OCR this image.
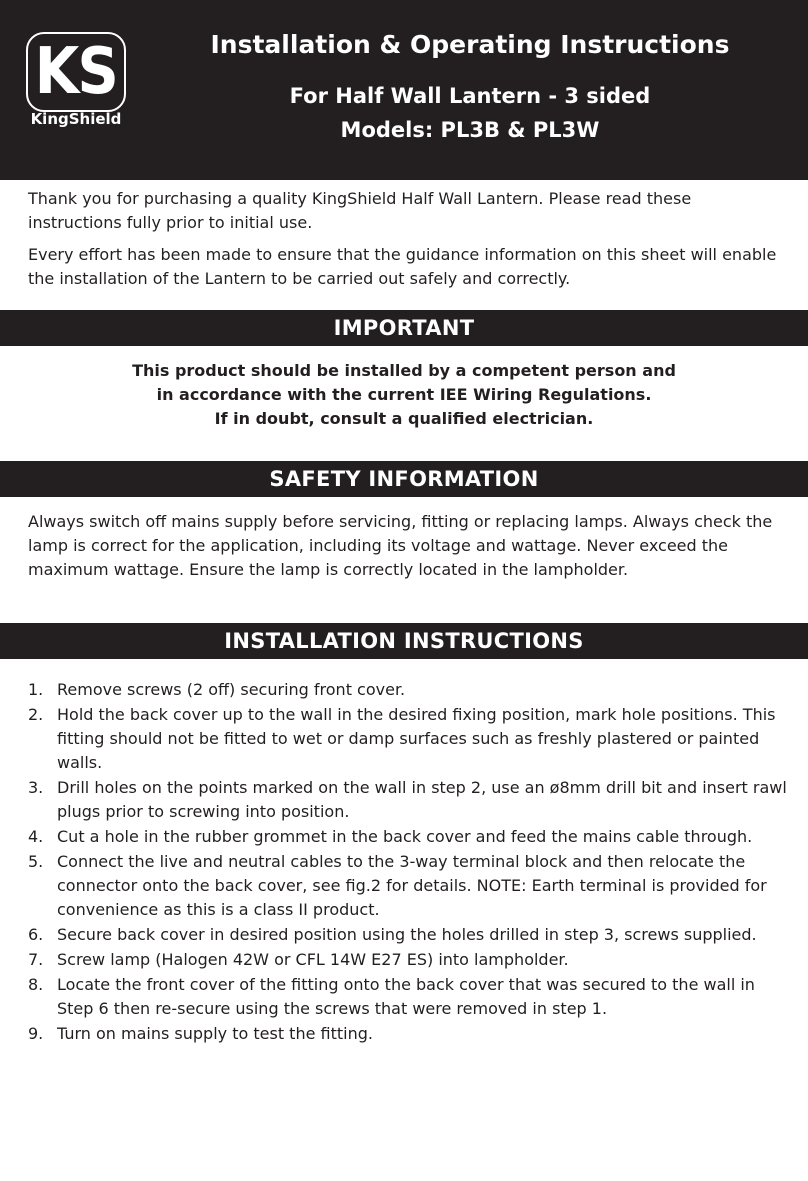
KS
KingShield
Installation & Operating Instructions
For Half Wall Lantern - 3 sided
Models: PL3B & PL3W

Thank you for purchasing a quality KingShield Half Wall Lantern. Please read these instructions fully prior to initial use.

Every effort has been made to ensure that the guidance information on this sheet will enable the installation of the Lantern to be carried out safely and correctly.

IMPORTANT
This product should be installed by a competent person and
in accordance with the current IEE Wiring Regulations.
If in doubt, consult a qualified electrician.
SAFETY INFORMATION

Always switch off mains supply before servicing, fitting or replacing lamps. Always check the lamp is correct for the application, including its voltage and wattage. Never exceed the maximum wattage. Ensure the lamp is correctly located in the lampholder.

INSTALLATION INSTRUCTIONS
1. Remove screws (2 off) securing front cover.
2. Hold the back cover up to the wall in the desired fixing position, mark hole positions. This fitting should not be fitted to wet or damp surfaces such as freshly plastered or painted walls.
3. Drill holes on the points marked on the wall in step 2, use an ø8mm drill bit and insert rawl plugs prior to screwing into position.
4. Cut a hole in the rubber grommet in the back cover and feed the mains cable through.
5. Connect the live and neutral cables to the 3-way terminal block and then relocate the connector onto the back cover, see fig.2 for details. NOTE: Earth terminal is provided for convenience as this is a class II product.
6. Secure back cover in desired position using the holes drilled in step 3, screws supplied.
7. Screw lamp (Halogen 42W or CFL 14W E27 ES) into lampholder.
8. Locate the front cover of the fitting onto the back cover that was secured to the wall in Step 6 then re-secure using the screws that were removed in step 1.
9. Turn on mains supply to test the fitting.
